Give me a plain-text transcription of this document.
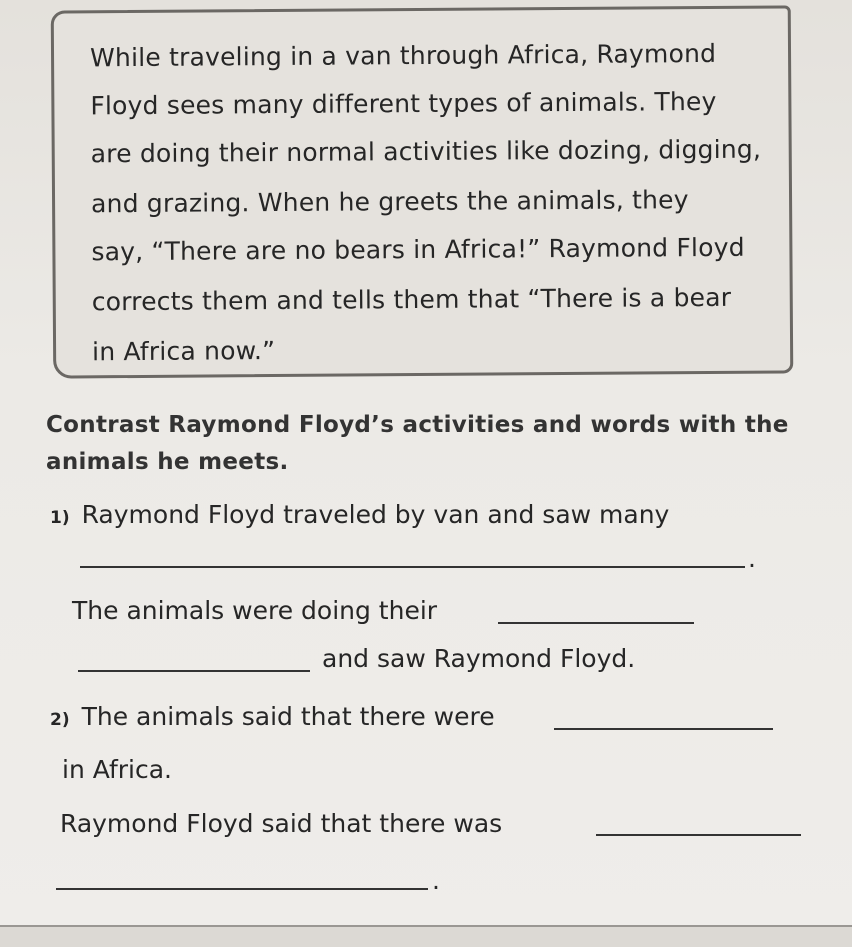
While traveling in a van through Africa, Raymond
Floyd sees many different types of animals. They
are doing their normal activities like dozing, digging,
and grazing. When he greets the animals, they
say, “There are no bears in Africa!” Raymond Floyd
corrects them and tells them that “There is a bear
in Africa now.”
Contrast Raymond Floyd’s activities and words with the
animals he meets.
1) Raymond Floyd traveled by van and saw many
.
The animals were doing their
and saw Raymond Floyd.
2) The animals said that there were
in Africa.
Raymond Floyd said that there was
.
